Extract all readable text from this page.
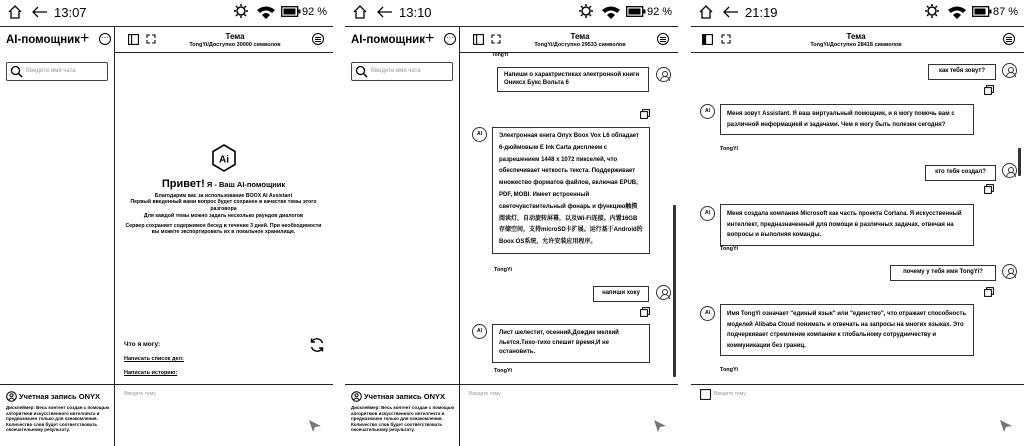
13:07	92 %
AI-помощник + ···
Введите имя чата
Тема
TongYi/Доступно 30000 символов
Ai
Привет! Я - Ваш AI-помощник
Благодарим вас за использование BOOX AI Assistant
Первый введенный вами вопрос будет сохранен в качестве темы этого разговора
Для каждой темы можно задать несколько раундов диалогов
Сервер сохраняет содержимое бесед в течение 3 дней. При необходимости вы можете экспортировать их в локальное хранилище.
Что я могу:
Написать список дел:
Написать историю:
Учетная запись ONYX
Дисклеймер: Весь контент создан с помощью алгоритмов искусственного интеллекта и предназначен только для ознакомления. Количество слов будет соответствовать окончательному результату.
Введите тему
13:10	92 %
AI-помощник + ···
Введите имя чата
Тема
TongYi/Доступно 29533 символов
TongYi
Напиши о характристиках электронной книги Ониксx Букс Вольта 6
AI	Электронная книга Onyx Boox Vox L6 обладает 6-дюймовым E Ink Carta дисплеем с разрешением 1448 x 1072 пикселей, что обеспечивает четкость текста. Поддерживает множество форматов файлов, включая EPUB, PDF, MOBI. Имеет встроенный светочувствительный фонарь и функцию触摸阅读灯，自动旋转屏幕，以及Wi-Fi连接。内置16GB存储空间，支持microSD卡扩展。运行基于Android的Boox OS系统，允许安装应用程序。
TongYi
напиши хоку
AI	Лист шелестит, осенний,Дождик мелкий льется.Тихо-тихо спешит время,И не остановить.
TongYi
Учетная запись ONYX
Дисклеймер: Весь контент создан с помощью алгоритмов искусственного интеллекта и предназначен только для ознакомления. Количество слов будет соответствовать окончательному результату.
Введите тему
21:19	87 %
Тема
TongYi/Доступно 28418 символов
как тебя зовут?
AI	Меня зовут Assistant. Я ваш виртуальный помощник, и я могу помочь вам с различной информацией и задачами. Чем я могу быть полезен сегодня?
TongYi
кто тебя создал?
AI	Меня создала компания Microsoft как часть проекта Cortana. Я искусственный интеллект, предназначенный для помощи в различных задачах, отвечая на вопросы и выполняя команды.
TongYi
почему у тебя имя TongYi?
AI	Имя TongYi означает "единый язык" или "единство", что отражает способность моделей Alibaba Cloud понимать и отвечать на запросы на многих языках. Это подчеркивает стремление компании к глобальному сотрудничеству и коммуникации без границ.
TongYi
Введите тему
